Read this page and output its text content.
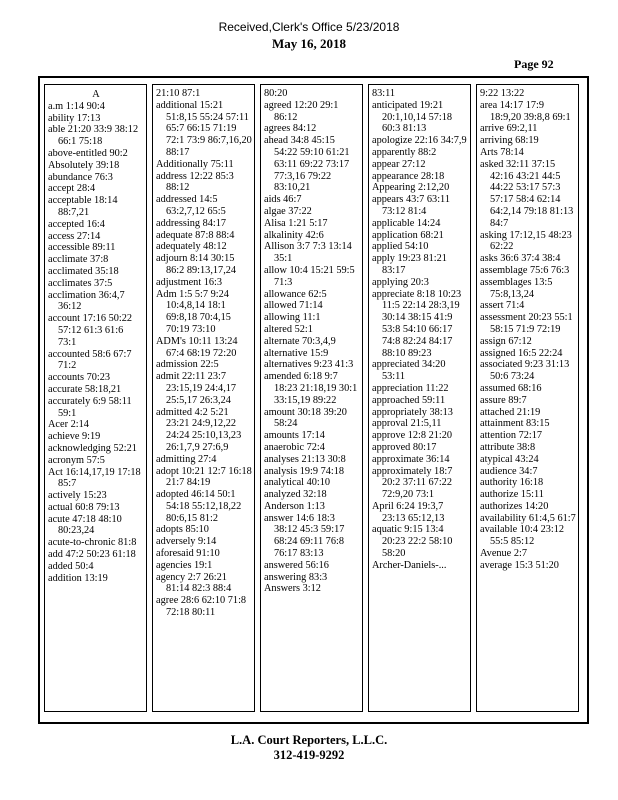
Received,Clerk's Office 5/23/2018
May 16, 2018
Page 92
A
a.m 1:14 90:4
ability 17:13
able 21:20 33:9 38:12 66:1 75:18
above-entitled 90:2
Absolutely 39:18
abundance 76:3
accept 28:4
acceptable 18:14 88:7,21
accepted 16:4
access 27:14
accessible 89:11
acclimate 37:8
acclimated 35:18
acclimates 37:5
acclimation 36:4,7 36:12
account 17:16 50:22 57:12 61:3 61:6 73:1
accounted 58:6 67:7 71:2
accounts 70:23
accurate 58:18,21
accurately 6:9 58:11 59:1
Acer 2:14
achieve 9:19
acknowledging 52:21
acronym 57:5
Act 16:14,17,19 17:18 85:7
actively 15:23
actual 60:8 79:13
acute 47:18 48:10 80:23,24
acute-to-chronic 81:8
add 47:2 50:23 61:18
added 50:4
addition 13:19
21:10 87:1
additional 15:21 51:8,15 55:24 57:11 65:7 66:15 71:19 72:1 73:9 86:7,16,20 88:17
Additionally 75:11
address 12:22 85:3 88:12
addressed 14:5 63:2,7,12 65:5
addressing 84:17
adequate 87:8 88:4
adequately 48:12
adjourn 8:14 30:15 86:2 89:13,17,24
adjustment 16:3
Adm 1:5 5:7 9:24 10:4,8,14 18:1 69:8,18 70:4,15 70:19 73:10
ADM's 10:11 13:24 67:4 68:19 72:20
admission 22:5
admit 22:11 23:7 23:15,19 24:4,17 25:5,17 26:3,24
admitted 4:2 5:21 23:21 24:9,12,22 24:24 25:10,13,23 26:1,7,9 27:6,9
admitting 27:4
adopt 10:21 12:7 16:18 21:7 84:19
adopted 46:14 50:1 54:18 55:12,18,22 80:6,15 81:2
adopts 85:10
adversely 9:14
aforesaid 91:10
agencies 19:1
agency 2:7 26:21 81:14 82:3 88:4
agree 28:6 62:10 71:8 72:18 80:11
80:20
agreed 12:20 29:1 86:12
agrees 84:12
ahead 34:8 45:15 54:22 59:10 61:21 63:11 69:22 73:17 77:3,16 79:22 83:10,21
aids 46:7
algae 37:22
Alisa 1:21 5:17
alkalinity 42:6
Allison 3:7 7:3 13:14 35:1
allow 10:4 15:21 59:5 71:3
allowance 62:5
allowed 71:14
allowing 11:1
altered 52:1
alternate 70:3,4,9
alternative 15:9
alternatives 9:23 41:3
amended 6:18 9:7 18:23 21:18,19 30:1 33:15,19 89:22
amount 30:18 39:20 58:24
amounts 17:14
anaerobic 72:4
analyses 21:13 30:8
analysis 19:9 74:18
analytical 40:10
analyzed 32:18
Anderson 1:13
answer 14:6 18:3 38:12 45:3 59:17 68:24 69:11 76:8 76:17 83:13
answered 56:16
answering 83:3
Answers 3:12
83:11
anticipated 19:21 20:1,10,14 57:18 60:3 81:13
apologize 22:16 34:7,9
apparently 88:2
appear 27:12
appearance 28:18
Appearing 2:12,20
appears 43:7 63:11 73:12 81:4
applicable 14:24
application 68:21
applied 54:10
apply 19:23 81:21 83:17
applying 20:3
appreciate 8:18 10:23 11:5 22:14 28:3,19 30:14 38:15 41:9 53:8 54:10 66:17 74:8 82:24 84:17 88:10 89:23
appreciated 34:20 53:11
appreciation 11:22
approached 59:11
appropriately 38:13
approval 21:5,11
approve 12:8 21:20
approved 80:17
approximate 36:14
approximately 18:7 20:2 37:11 67:22 72:9,20 73:1
April 6:24 19:3,7 23:13 65:12,13
aquatic 9:15 13:4 20:23 22:2 58:10 58:20
Archer-Daniels-...
9:22 13:22
area 14:17 17:9 18:9,20 39:8,8 69:1
arrive 69:2,11
arriving 68:19
Arts 78:14
asked 32:11 37:15 42:16 43:21 44:5 44:22 53:17 57:3 57:17 58:4 62:14 64:2,14 79:18 81:13 84:7
asking 17:12,15 48:23 62:22
asks 36:6 37:4 38:4
assemblage 75:6 76:3
assemblages 13:5 75:8,13,24
assert 71:4
assessment 20:23 55:1 58:15 71:9 72:19
assign 67:12
assigned 16:5 22:24
associated 9:23 31:13 50:6 73:24
assumed 68:16
assure 89:7
attached 21:19
attainment 83:15
attention 72:17
attribute 38:8
atypical 43:24
audience 34:7
authority 16:18
authorize 15:11
authorizes 14:20
availability 61:4,5 61:7
available 10:4 23:12 55:5 85:12
Avenue 2:7
average 15:3 51:20
L.A. Court Reporters, L.L.C.
312-419-9292
